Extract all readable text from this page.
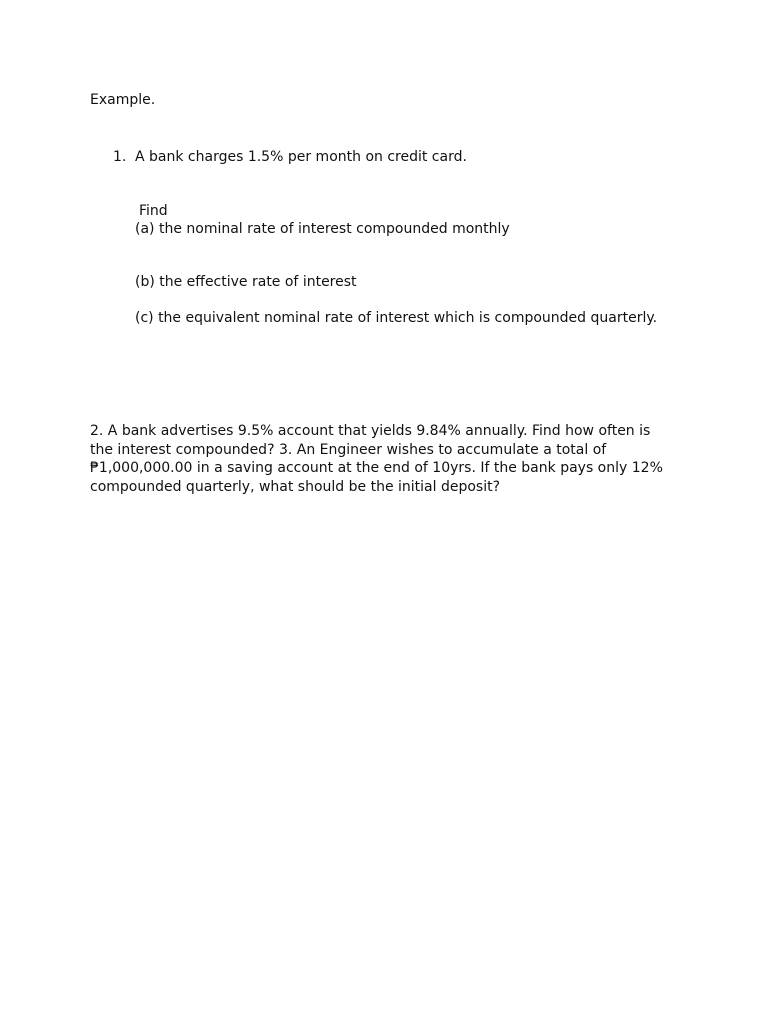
Example.
1. A bank charges 1.5% per month on credit card.
Find
(a) the nominal rate of interest compounded monthly
(b) the effective rate of interest
(c) the equivalent nominal rate of interest which is compounded quarterly.
2. A bank advertises 9.5% account that yields 9.84% annually. Find how often is
the interest compounded? 3. An Engineer wishes to accumulate a total of
₱1,000,000.00 in a saving account at the end of 10yrs. If the bank pays only 12%
compounded quarterly, what should be the initial deposit?
